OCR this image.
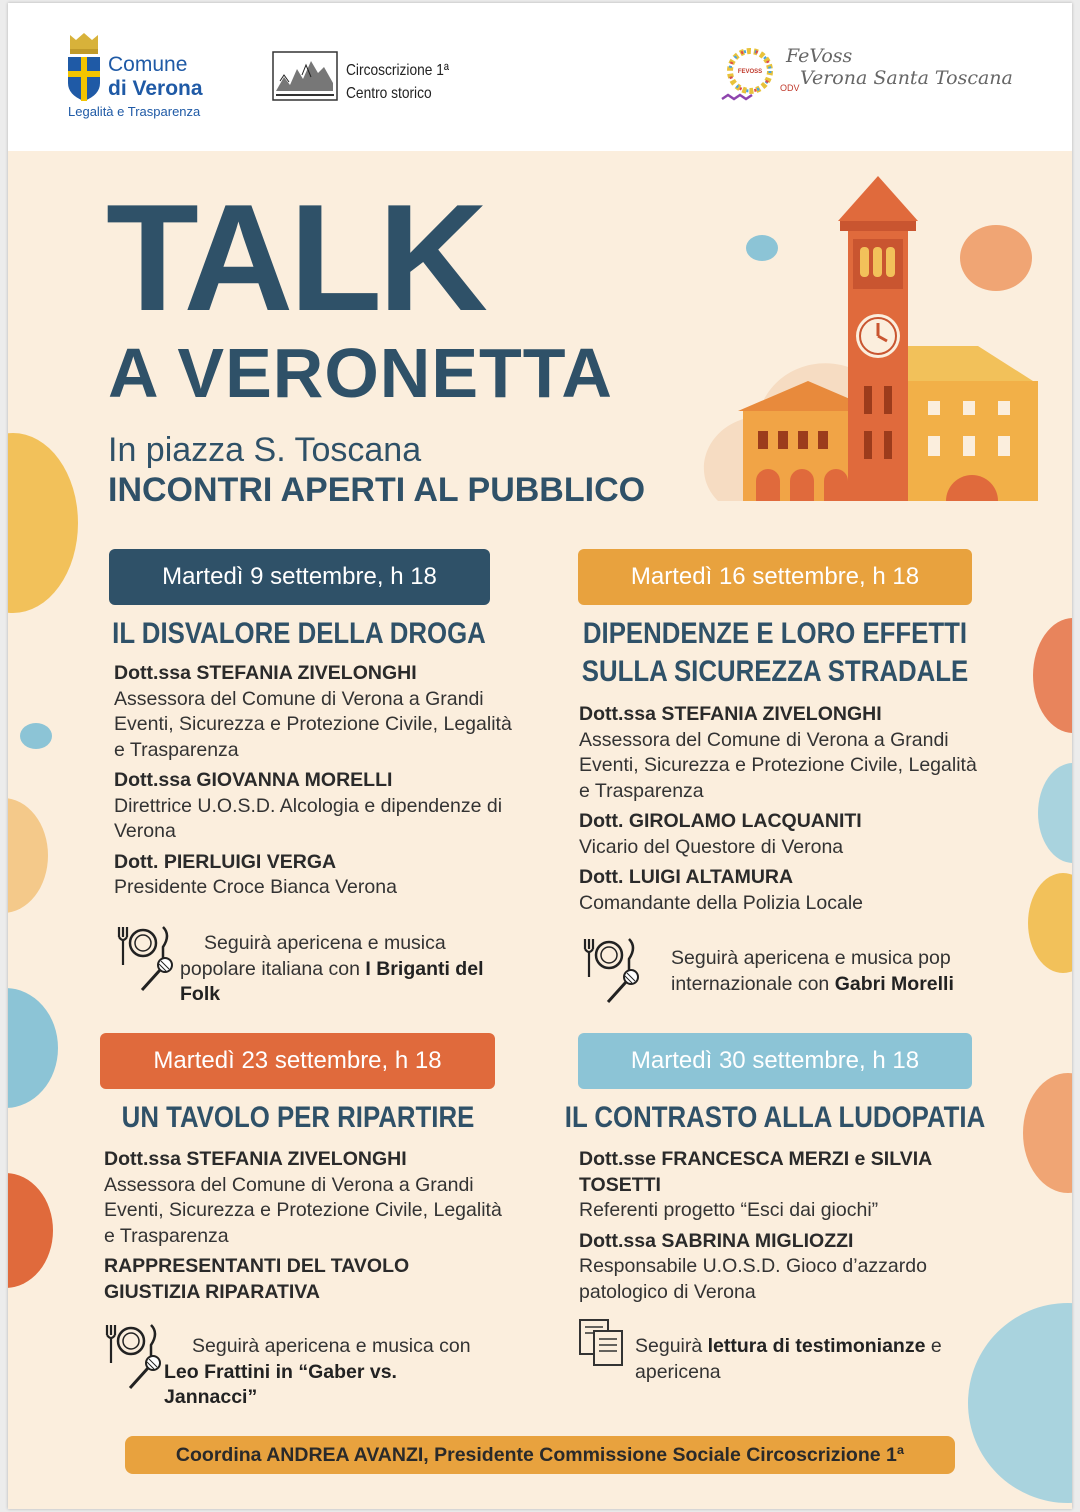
Comune
di Verona
Legalità e Trasparenza
Circoscrizione 1ª
Centro storico
FEVOSS
ODV
FeVoss
Verona Santa Toscana
TALK
A VERONETTA
In piazza S. Toscana
INCONTRI APERTI AL PUBBLICO
Martedì 9 settembre, h 18
IL DISVALORE DELLA DROGA
Dott.ssa STEFANIA ZIVELONGHI
Assessora del Comune di Verona a Grandi Eventi, Sicurezza e Protezione Civile, Legalità e Trasparenza
Dott.ssa GIOVANNA MORELLI
Direttrice U.O.S.D. Alcologia e dipendenze di Verona
Dott. PIERLUIGI VERGA
Presidente Croce Bianca Verona
Seguirà apericena e musica popolare italiana con I Briganti del Folk
Martedì 16 settembre, h 18
DIPENDENZE E LORO EFFETTI
SULLA SICUREZZA STRADALE
Dott.ssa STEFANIA ZIVELONGHI
Assessora del Comune di Verona a Grandi Eventi, Sicurezza e Protezione Civile, Legalità e Trasparenza
Dott. GIROLAMO LACQUANITI
Vicario del Questore di Verona
Dott. LUIGI ALTAMURA
Comandante della Polizia Locale
Seguirà apericena e musica pop internazionale con Gabri Morelli
Martedì 23 settembre, h 18
UN TAVOLO PER RIPARTIRE
Dott.ssa STEFANIA ZIVELONGHI
Assessora del Comune di Verona a Grandi Eventi, Sicurezza e Protezione Civile, Legalità e Trasparenza
RAPPRESENTANTI DEL TAVOLO GIUSTIZIA RIPARATIVA
Seguirà apericena e musica con Leo Frattini in “Gaber vs. Jannacci”
Martedì 30 settembre, h 18
IL CONTRASTO ALLA LUDOPATIA
Dott.sse FRANCESCA MERZI e SILVIA TOSETTI
Referenti progetto “Esci dai giochi”
Dott.ssa SABRINA MIGLIOZZI
Responsabile U.O.S.D. Gioco d’azzardo patologico di Verona
Seguirà lettura di testimonianze e apericena
Coordina ANDREA AVANZI, Presidente Commissione Sociale Circoscrizione 1ª
